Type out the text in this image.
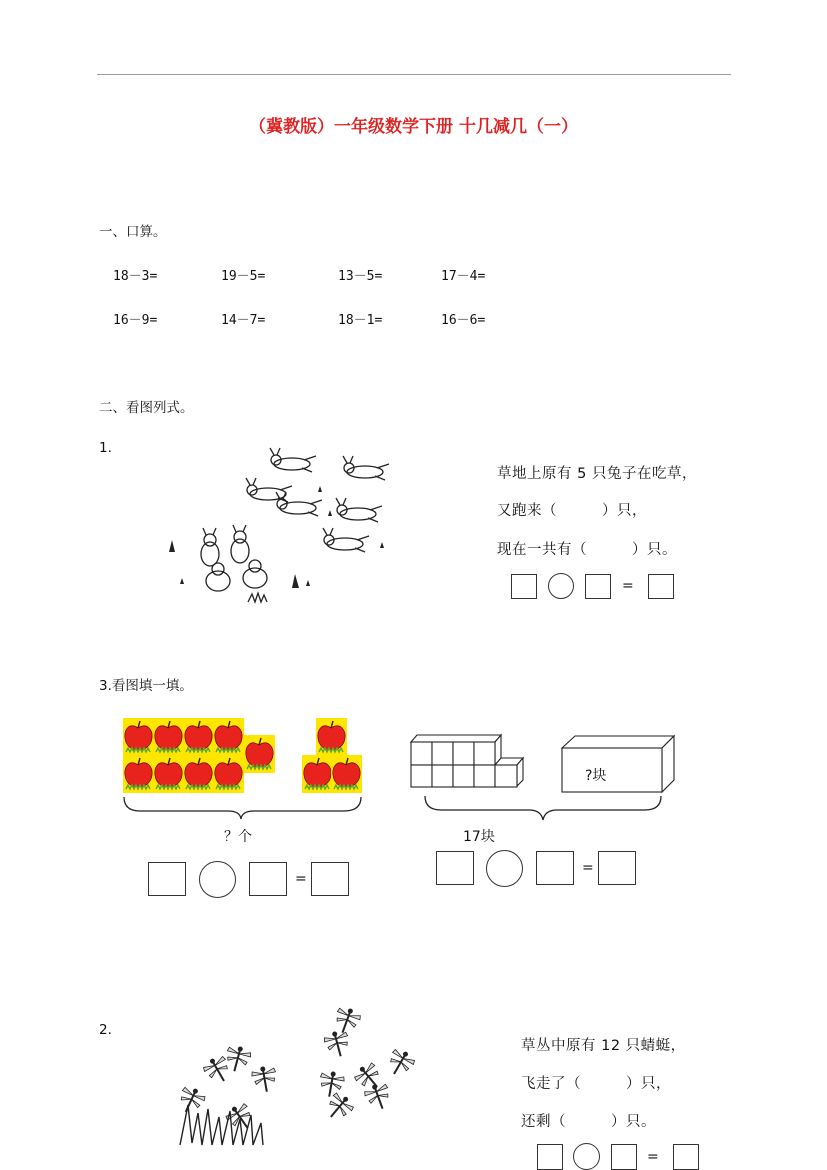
（冀教版）一年级数学下册 十几减几（一）
一、口算。
18－3=	19－5=	13－5=	17－4=
16－9=	14－7=	18－1=	16－6=
二、看图列式。
1.
草地上原有 5 只兔子在吃草，
又跑来（　　　）只，
现在一共有（　　　）只。
=
3.看图填一填。
？个
=
?块
17块
=
2.
草丛中原有 12 只蜻蜓，
飞走了（　　　）只，
还剩（　　　）只。
=
